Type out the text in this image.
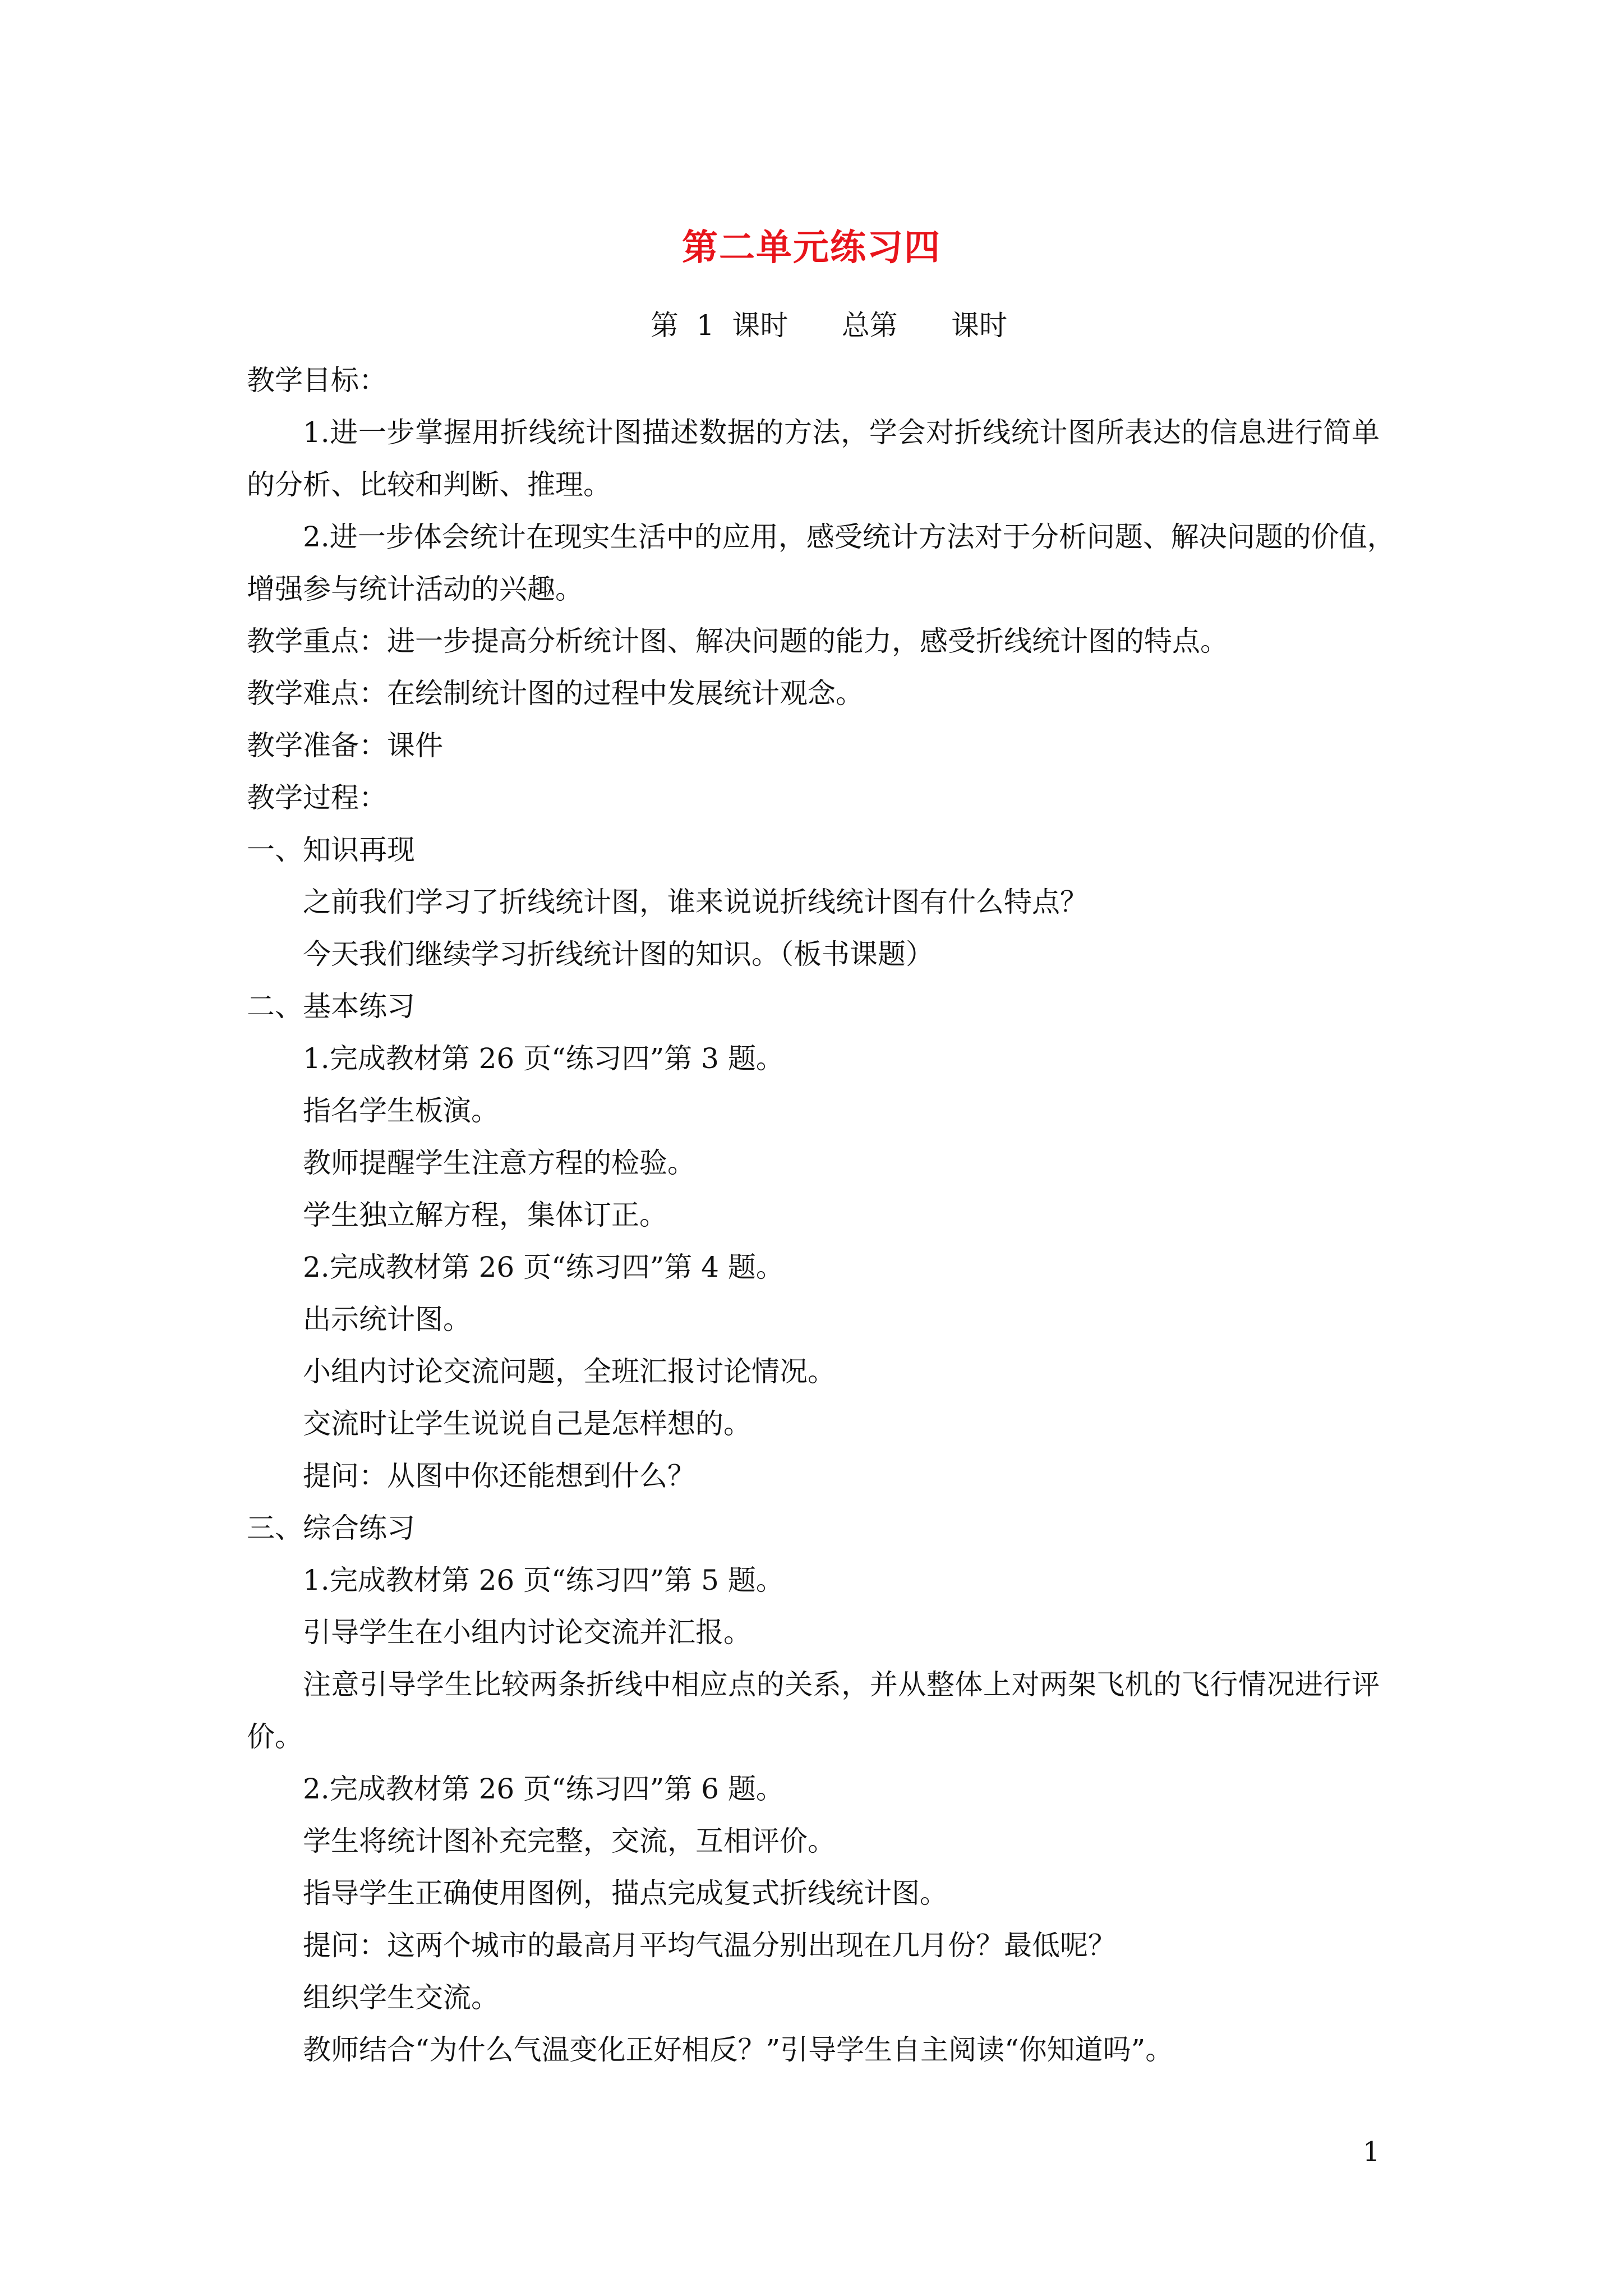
第二单元练习四
第  1  课时      总第      课时
教学目标：
1.进一步掌握用折线统计图描述数据的方法，学会对折线统计图所表达的信息进行简单
的分析、比较和判断、推理。
2.进一步体会统计在现实生活中的应用，感受统计方法对于分析问题、解决问题的价值，
增强参与统计活动的兴趣。
教学重点：进一步提高分析统计图、解决问题的能力，感受折线统计图的特点。
教学难点：在绘制统计图的过程中发展统计观念。
教学准备：课件
教学过程：
一、知识再现
之前我们学习了折线统计图，谁来说说折线统计图有什么特点？
今天我们继续学习折线统计图的知识。（板书课题）
二、基本练习
1.完成教材第 26 页“练习四”第 3 题。
指名学生板演。
教师提醒学生注意方程的检验。
学生独立解方程，集体订正。
2.完成教材第 26 页“练习四”第 4 题。
出示统计图。
小组内讨论交流问题，全班汇报讨论情况。
交流时让学生说说自己是怎样想的。
提问：从图中你还能想到什么？
三、综合练习
1.完成教材第 26 页“练习四”第 5 题。
引导学生在小组内讨论交流并汇报。
注意引导学生比较两条折线中相应点的关系，并从整体上对两架飞机的飞行情况进行评
价。
2.完成教材第 26 页“练习四”第 6 题。
学生将统计图补充完整，交流，互相评价。
指导学生正确使用图例，描点完成复式折线统计图。
提问：这两个城市的最高月平均气温分别出现在几月份？最低呢？
组织学生交流。
教师结合“为什么气温变化正好相反？”引导学生自主阅读“你知道吗”。
1
